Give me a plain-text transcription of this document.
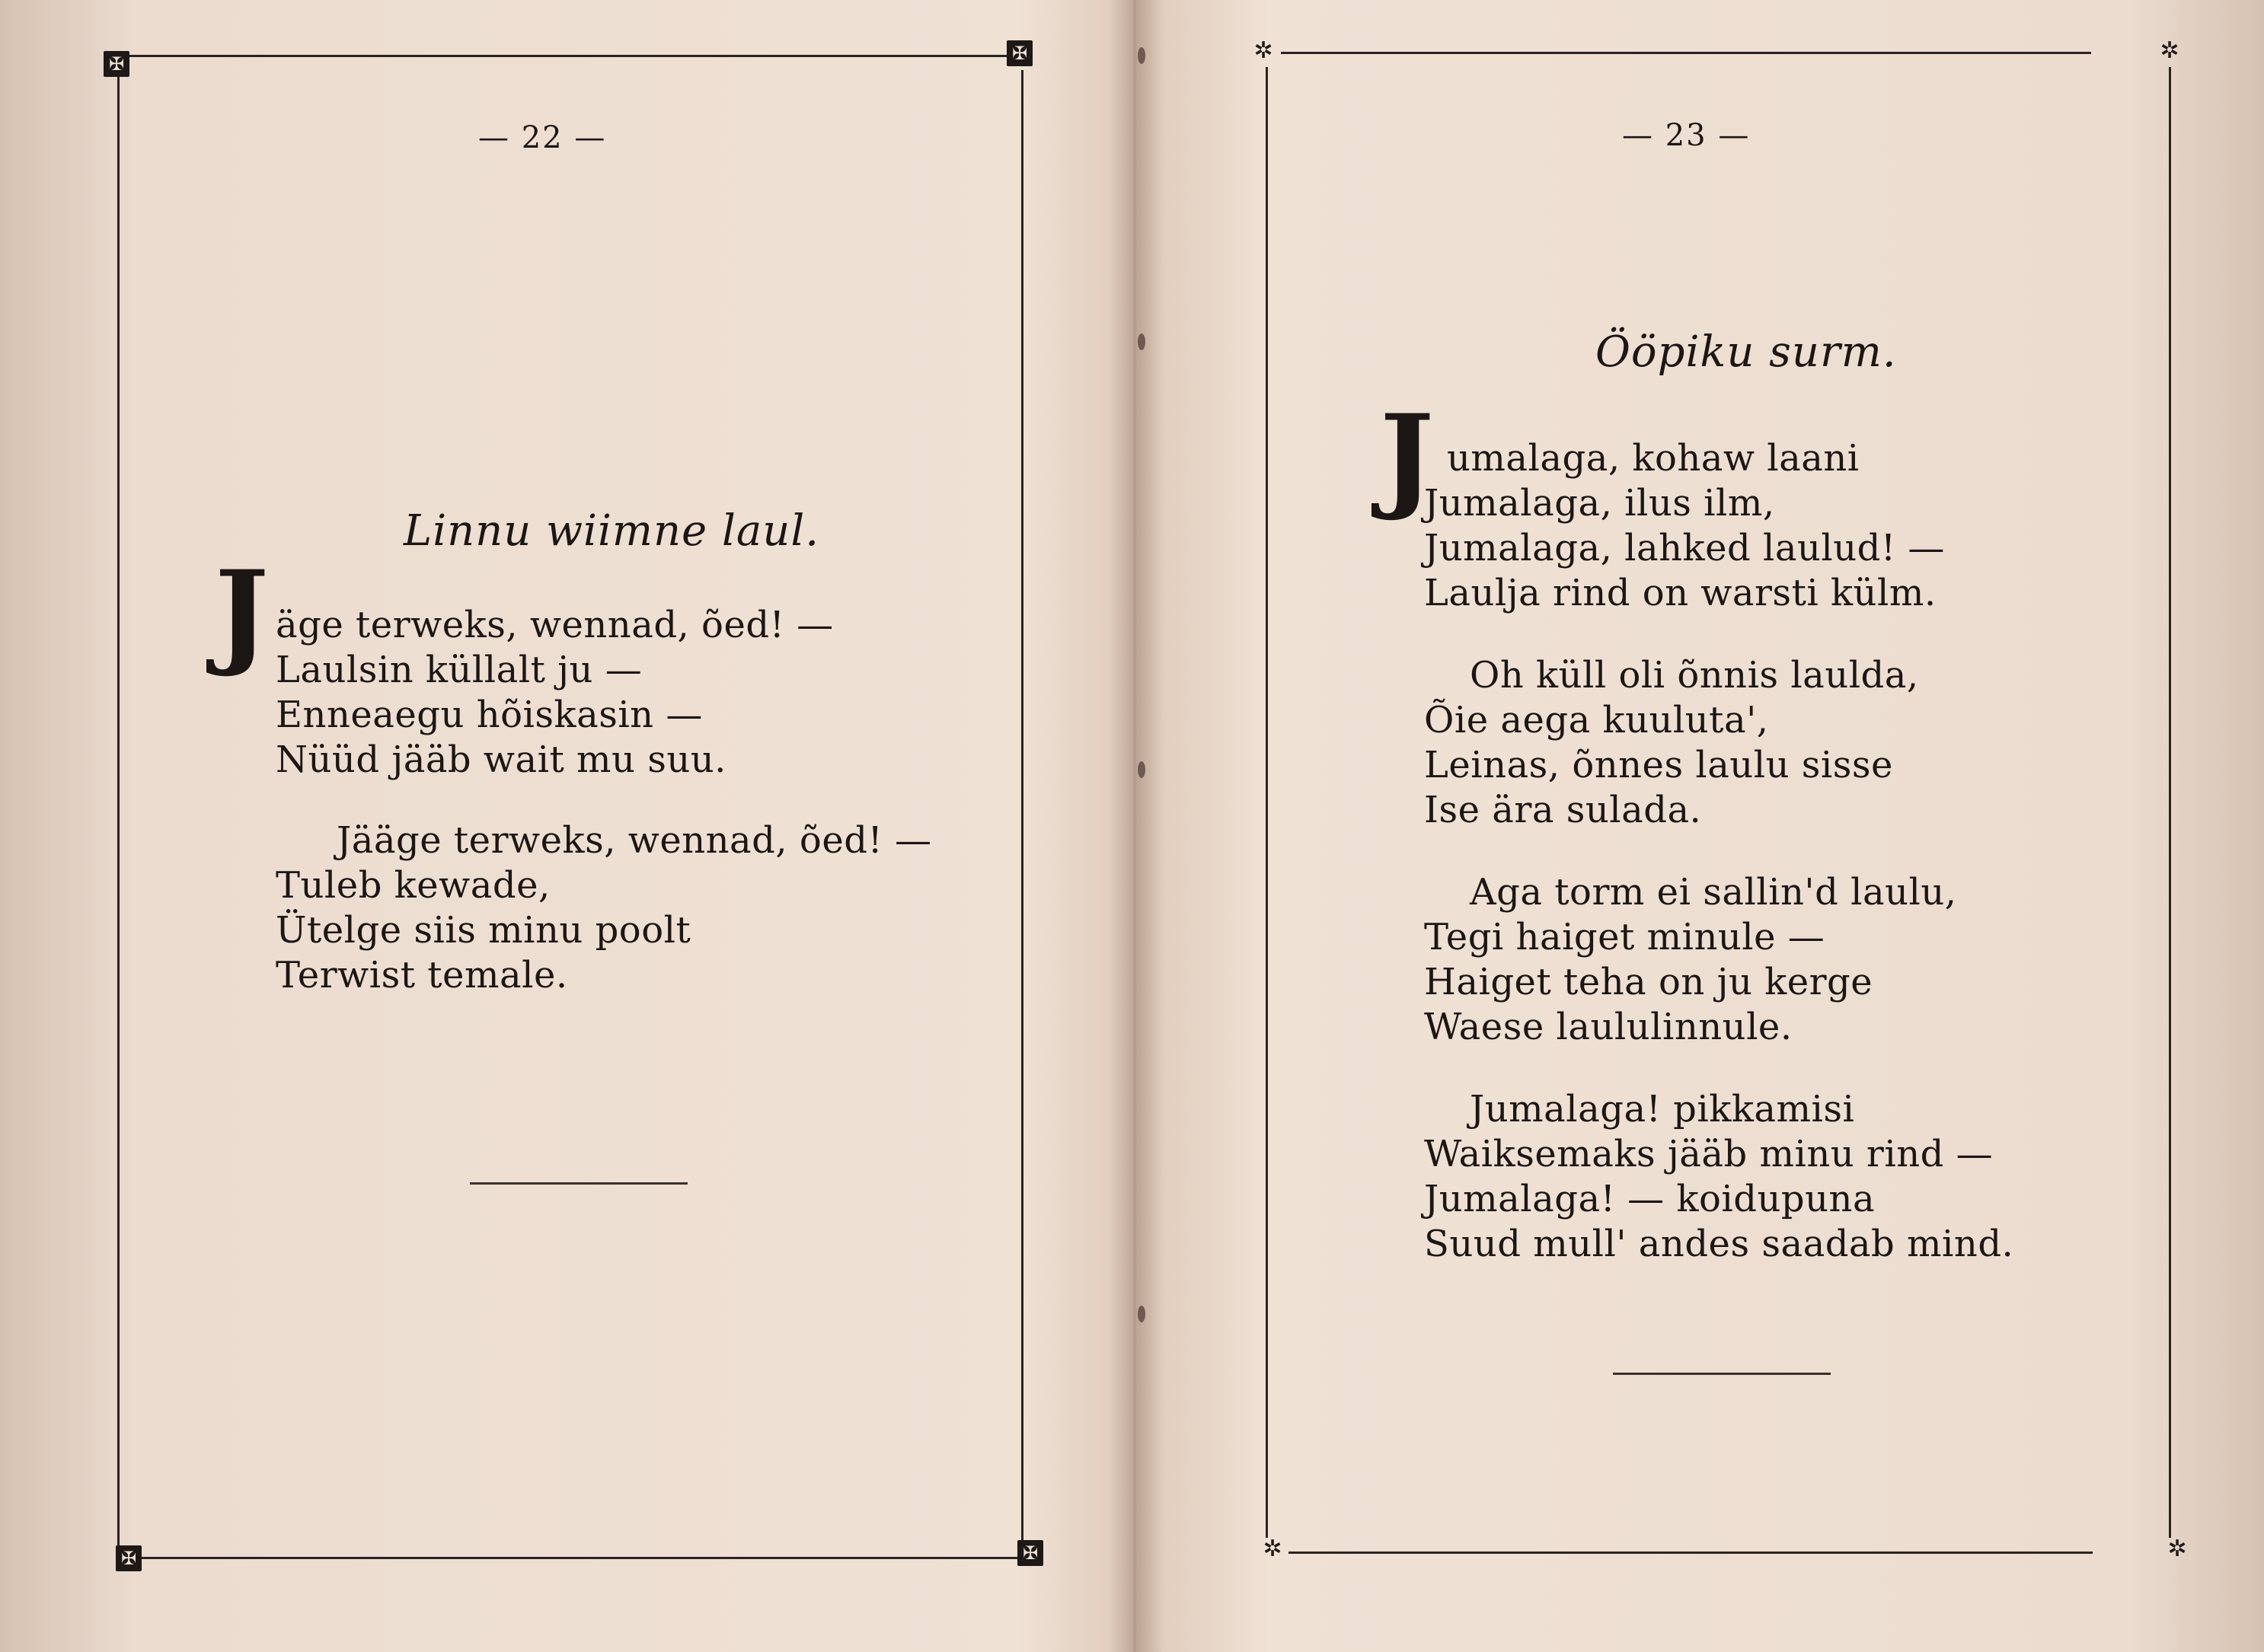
✠	✠
✠	✠
— 22 —
Linnu wiimne laul.
J äge terweks, wennad, õed! —
Laulsin küllalt ju —
Enneaegu hõiskasin —
Nüüd jääb wait mu suu.
Jääge terweks, wennad, õed! —
Tuleb kewade,
Ütelge siis minu poolt
Terwist temale.
✲	✲
✲	✲
— 23 —
Ööpiku surm.
J umalaga, kohaw laani
Jumalaga, ilus ilm,
Jumalaga, lahked laulud! —
Laulja rind on warsti külm.
Oh küll oli õnnis laulda,
Õie aega kuuluta',
Leinas, õnnes laulu sisse
Ise ära sulada.
Aga torm ei sallin'd laulu,
Tegi haiget minule —
Haiget teha on ju kerge
Waese laululinnule.
Jumalaga! pikkamisi
Waiksemaks jääb minu rind —
Jumalaga! — koidupuna
Suud mull' andes saadab mind.
